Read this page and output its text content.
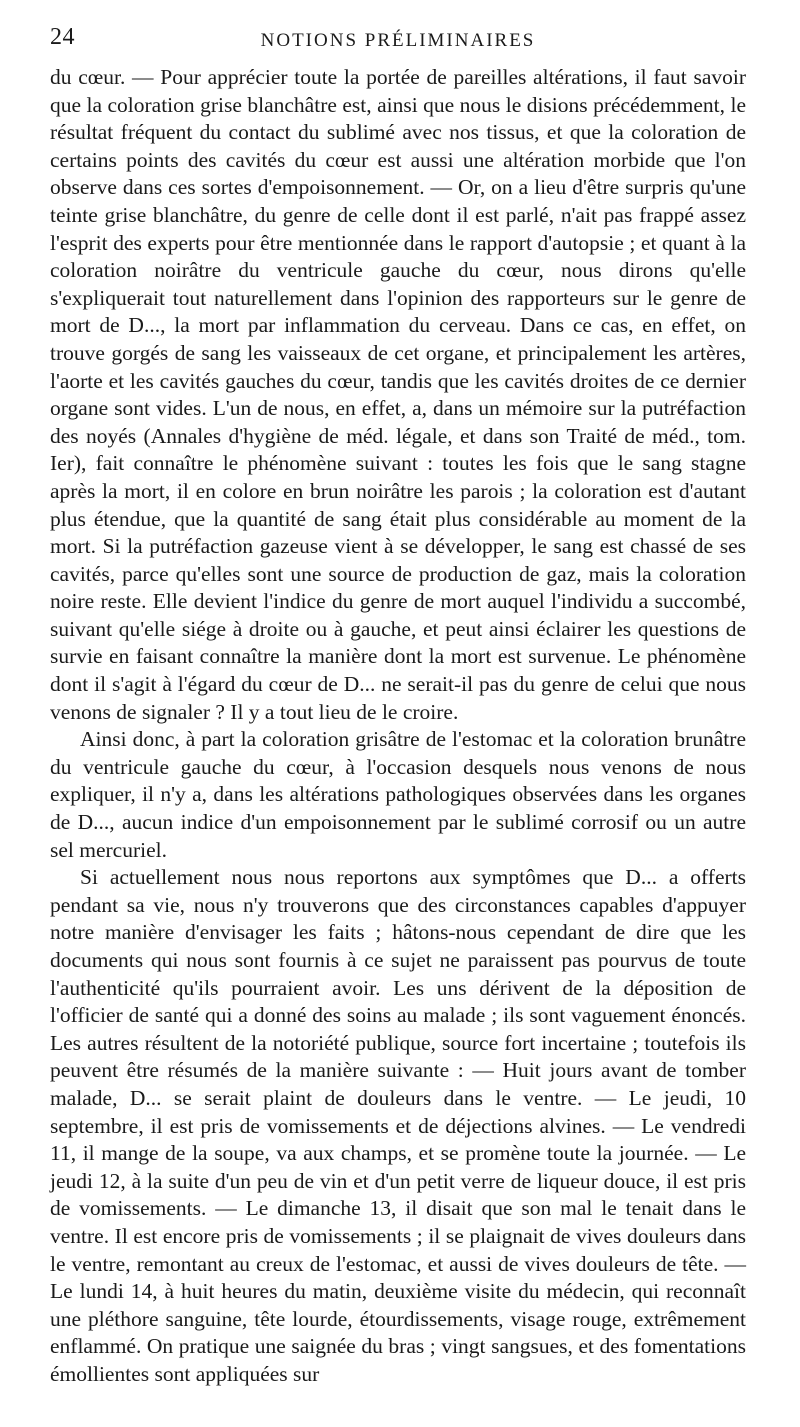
24	NOTIONS PRÉLIMINAIRES

du cœur. — Pour apprécier toute la portée de pareilles altérations, il faut savoir que la coloration grise blanchâtre est, ainsi que nous le disions précédemment, le résultat fréquent du contact du sublimé avec nos tissus, et que la coloration de certains points des cavités du cœur est aussi une altération morbide que l'on observe dans ces sortes d'empoisonnement. — Or, on a lieu d'être surpris qu'une teinte grise blanchâtre, du genre de celle dont il est parlé, n'ait pas frappé assez l'esprit des experts pour être mentionnée dans le rapport d'autopsie ; et quant à la coloration noirâtre du ventricule gauche du cœur, nous dirons qu'elle s'expliquerait tout naturellement dans l'opinion des rapporteurs sur le genre de mort de D..., la mort par inflammation du cerveau. Dans ce cas, en effet, on trouve gorgés de sang les vaisseaux de cet organe, et principalement les artères, l'aorte et les cavités gauches du cœur, tandis que les cavités droites de ce dernier organe sont vides. L'un de nous, en effet, a, dans un mémoire sur la putréfaction des noyés (Annales d'hygiène de méd. légale, et dans son Traité de méd., tom. Ier), fait connaître le phénomène suivant : toutes les fois que le sang stagne après la mort, il en colore en brun noirâtre les parois ; la coloration est d'autant plus étendue, que la quantité de sang était plus considérable au moment de la mort. Si la putréfaction gazeuse vient à se développer, le sang est chassé de ses cavités, parce qu'elles sont une source de production de gaz, mais la coloration noire reste. Elle devient l'indice du genre de mort auquel l'individu a succombé, suivant qu'elle siége à droite ou à gauche, et peut ainsi éclairer les questions de survie en faisant connaître la manière dont la mort est survenue. Le phénomène dont il s'agit à l'égard du cœur de D... ne serait-il pas du genre de celui que nous venons de signaler ? Il y a tout lieu de le croire.

Ainsi donc, à part la coloration grisâtre de l'estomac et la coloration brunâtre du ventricule gauche du cœur, à l'occasion desquels nous venons de nous expliquer, il n'y a, dans les altérations pathologiques observées dans les organes de D..., aucun indice d'un empoisonnement par le sublimé corrosif ou un autre sel mercuriel.

Si actuellement nous nous reportons aux symptômes que D... a offerts pendant sa vie, nous n'y trouverons que des circonstances capables d'appuyer notre manière d'envisager les faits ; hâtons-nous cependant de dire que les documents qui nous sont fournis à ce sujet ne paraissent pas pourvus de toute l'authenticité qu'ils pourraient avoir. Les uns dérivent de la déposition de l'officier de santé qui a donné des soins au malade ; ils sont vaguement énoncés. Les autres résultent de la notoriété publique, source fort incertaine ; toutefois ils peuvent être résumés de la manière suivante : — Huit jours avant de tomber malade, D... se serait plaint de douleurs dans le ventre. — Le jeudi, 10 septembre, il est pris de vomissements et de déjections alvines. — Le vendredi 11, il mange de la soupe, va aux champs, et se promène toute la journée. — Le jeudi 12, à la suite d'un peu de vin et d'un petit verre de liqueur douce, il est pris de vomissements. — Le dimanche 13, il disait que son mal le tenait dans le ventre. Il est encore pris de vomissements ; il se plaignait de vives douleurs dans le ventre, remontant au creux de l'estomac, et aussi de vives douleurs de tête. — Le lundi 14, à huit heures du matin, deuxième visite du médecin, qui reconnaît une pléthore sanguine, tête lourde, étourdissements, visage rouge, extrêmement enflammé. On pratique une saignée du bras ; vingt sangsues, et des fomentations émollientes sont appliquées sur
